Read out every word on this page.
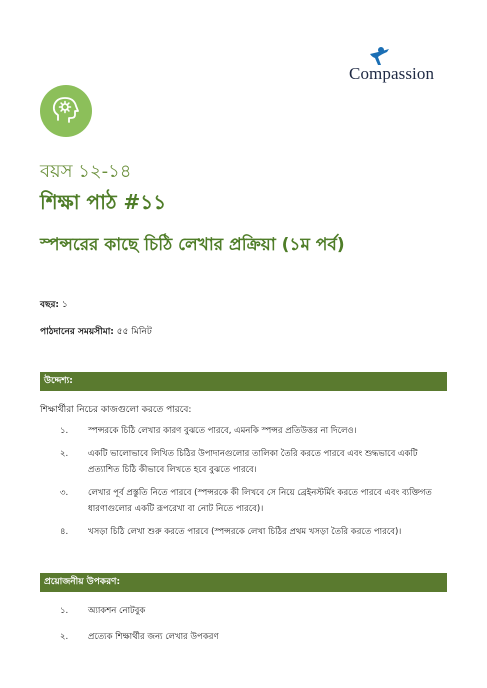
Compassion
বয়স ১২-১৪
শিক্ষা পাঠ #১১
স্পন্সরের কাছে চিঠি লেখার প্রক্রিয়া (১ম পর্ব)
বছর: ১
পাঠদানের সময়সীমা: ৫৫ মিনিট
উদ্দেশ্য:
শিক্ষার্থীরা নিচের কাজগুলো করতে পারবে:
১. স্পন্সরকে চিঠি লেখার কারণ বুঝতে পারবে, এমনকি স্পন্সর প্রতিউত্তর না দিলেও।
২. একটি ভালোভাবে লিখিত চিঠির উপাদানগুলোর তালিকা তৈরি করতে পারবে এবং শুদ্ধভাবে একটি প্রত্যাশিত চিঠি কীভাবে লিখতে হবে বুঝতে পারবে।
৩. লেখার পূর্ব প্রস্তুতি নিতে পারবে (স্পন্সরকে কী লিখবে সে নিয়ে ব্রেইনস্টর্মিং করতে পারবে এবং ব্যক্তিগত ধারণাগুলোর একটি রূপরেখা বা নোট নিতে পারবে)।
৪. খসড়া চিঠি লেখা শুরু করতে পারবে (স্পন্সরকে লেখা চিঠির প্রথম খসড়া তৈরি করতে পারবে)।
প্রয়োজনীয় উপকরণ:
১. অ্যাকশন নোটবুক
২. প্রত্যেক শিক্ষার্থীর জন্য লেখার উপকরণ
